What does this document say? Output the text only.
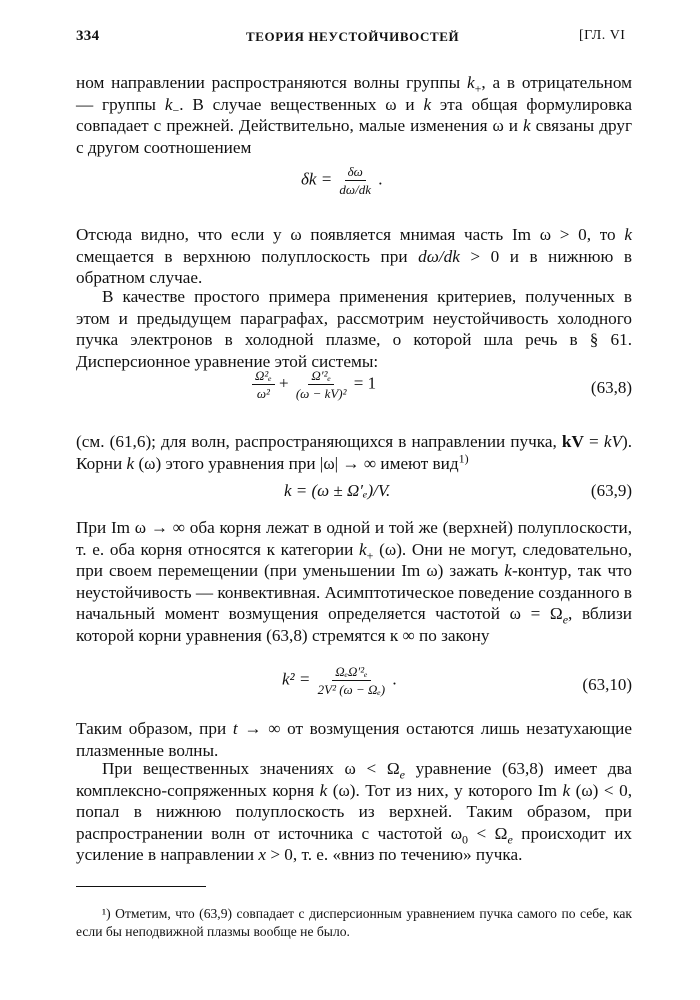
334	ТЕОРИЯ НЕУСТОЙЧИВОСТЕЙ	[ГЛ. VI

ном направлении распространяются волны группы $k_+$, а в отрицательном — группы $k_-$. В случае вещественных ω и k эта общая формулировка совпадает с прежней. Действительно, малые изменения ω и k связаны друг с другом соотношением

$\delta k = \frac{\delta\omega}{d\omega/dk}$ .

Отсюда видно, что если у ω появляется мнимая часть Im ω > 0, то k смещается в верхнюю полуплоскость при dω/dk > 0 и в нижнюю в обратном случае.

В качестве простого примера применения критериев, полученных в этом и предыдущем параграфах, рассмотрим неустойчивость холодного пучка электронов в холодной плазме, о которой шла речь в § 61. Дисперсионное уравнение этой системы:

$\frac{\text{Ω²ₑ}}{\text{ω²}} + \frac{\text{Ω′²ₑ}}{\text{(ω − kV)²}} = 1$	(63,8)

(см. (61,6); для волн, распространяющихся в направлении пучка, kV = kV). Корни k (ω) этого уравнения при |ω| → ∞ имеют вид$^{1)}$

k = (ω ± Ω′ₑ)/V.	(63,9)

При Im ω → ∞ оба корня лежат в одной и той же (верхней) полуплоскости, т. е. оба корня относятся к категории $k_+$ (ω). Они не могут, следовательно, при своем перемещении (при уменьшении Im ω) зажать k-контур, так что неустойчивость — конвективная. Асимптотическое поведение созданного в начальный момент возмущения определяется частотой $\omega = \Omega_e$, вблизи которой корни уравнения (63,8) стремятся к ∞ по закону

$k^2 = \frac{\text{ΩₑΩ′²ₑ}}{\text{2V² (ω − Ωₑ)}}$ .	(63,10)

Таким образом, при t → ∞ от возмущения остаются лишь незатухающие плазменные волны.

При вещественных значениях $\omega < \Omega_e$ уравнение (63,8) имеет два комплексно-сопряженных корня k (ω). Тот из них, у которого Im k (ω) < 0, попал в нижнюю полуплоскость из верхней. Таким образом, при распространении волн от источника с частотой $\omega_0 < \Omega_e$ происходит их усиление в направлении x > 0, т. е. «вниз по течению» пучка.

¹) Отметим, что (63,9) совпадает с дисперсионным уравнением пучка самого по себе, как если бы неподвижной плазмы вообще не было.
